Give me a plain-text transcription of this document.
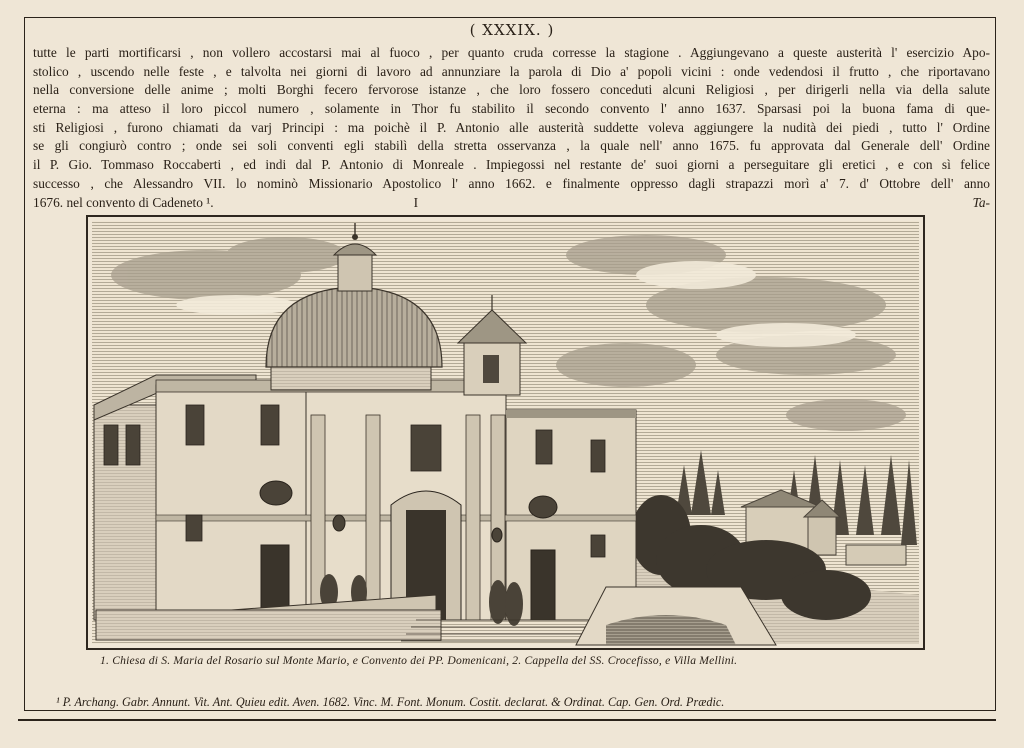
( XXXIX. )
tutte le parti mortificarsi , non vollero accostarsi mai al fuoco , per quanto cruda corresse la stagione . Aggiungevano a queste austerità l' esercizio Apo-
stolico , uscendo nelle feste , e talvolta nei giorni di lavoro ad annunziare la parola di Dio a' popoli vicini : onde vedendosi il frutto , che riportavano
nella conversione delle anime ; molti Borghi fecero fervorose istanze , che loro fossero conceduti alcuni Religiosi , per dirigerli nella via della salute
eterna : ma atteso il loro piccol numero , solamente in Thor fu stabilito il secondo convento l' anno 1637. Sparsasi poi la buona fama di que-
sti Religiosi , furono chiamati da varj Principi : ma poichè il P. Antonio alle austerità suddette voleva aggiungere la nudità dei piedi , tutto l' Ordine
se gli congiurò contro ; onde sei soli conventi egli stabilì della stretta osservanza , la quale nell' anno 1675. fu approvata dal Generale dell' Ordine
il P. Gio. Tommaso Roccaberti , ed indi dal P. Antonio di Monreale . Impiegossi nel restante de' suoi giorni a perseguitare gli eretici , e con sì felice
successo , che Alessandro VII. lo nominò Missionario Apostolico l' anno 1662. e finalmente oppresso dagli strapazzi morì a' 7. d' Ottobre dell' anno
1676. nel convento di Cadeneto ¹.	I	Ta-
1. Chiesa di S. Maria del Rosario sul Monte Mario, e Convento dei PP. Domenicani, 2. Cappella del SS. Crocefisso, e Villa Mellini.
¹ P. Archang. Gabr. Annunt. Vit. Ant. Quieu edit. Aven. 1682. Vinc. M. Font. Monum. Costit. declarat. & Ordinat. Cap. Gen. Ord. Prædic.
